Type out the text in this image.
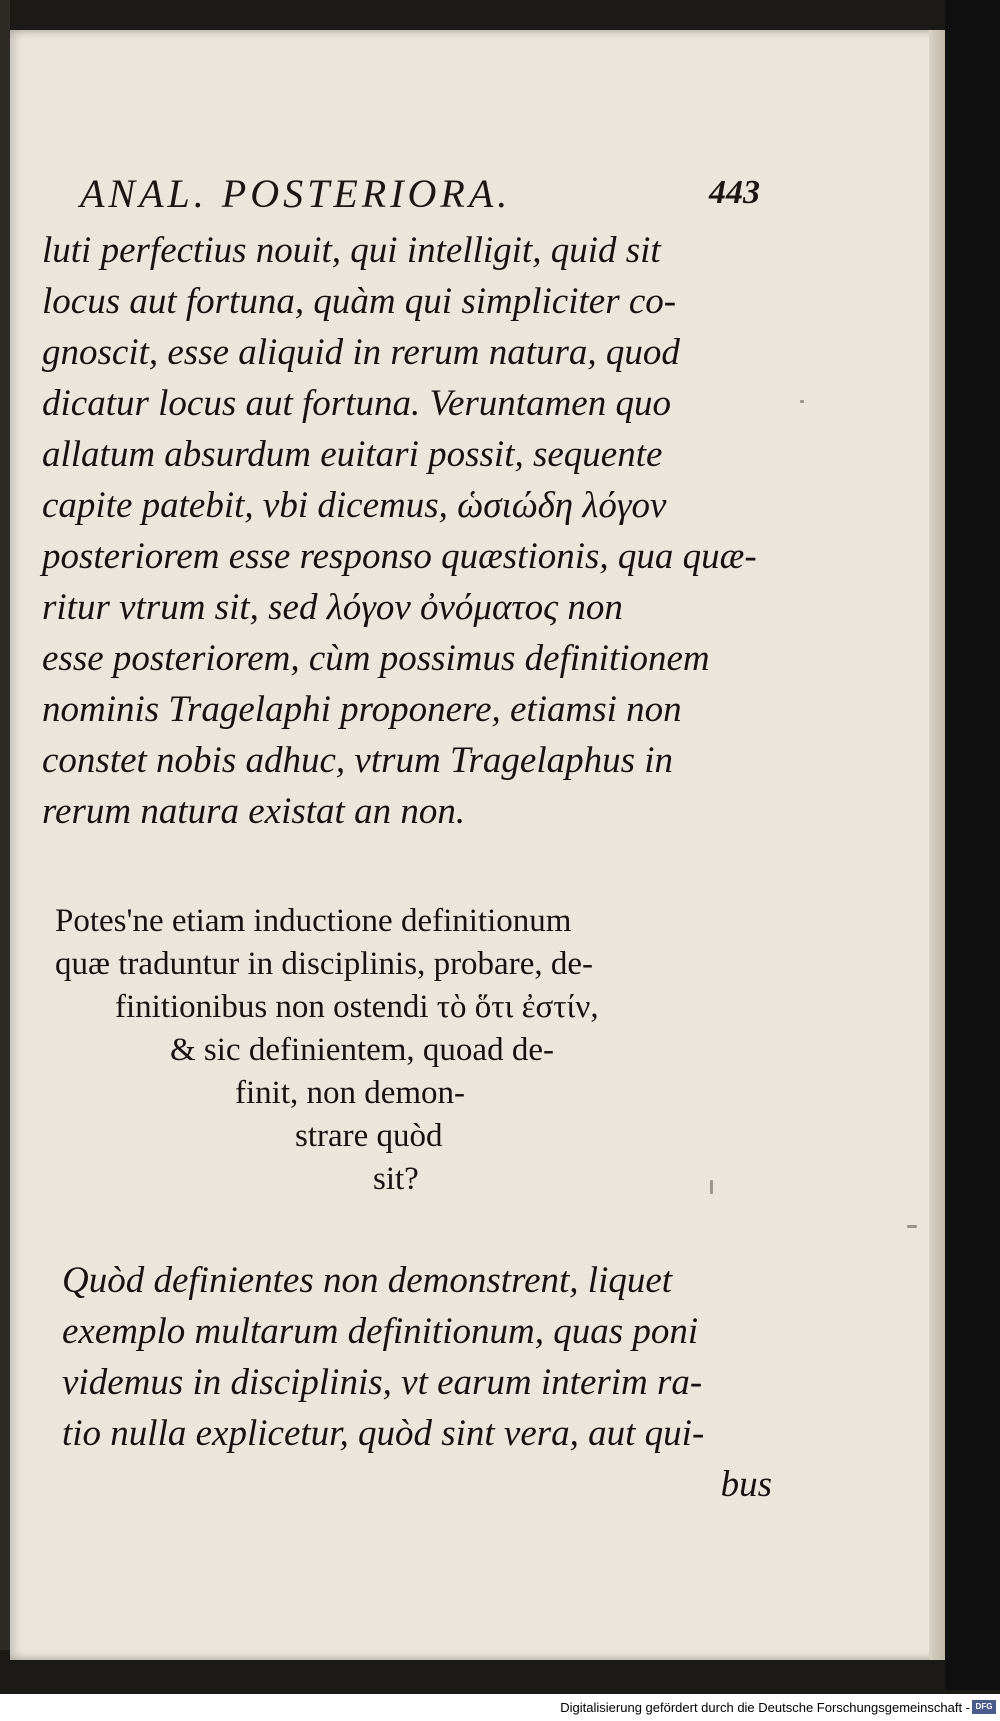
ANAL. POSTERIORA.	443
luti perfectius nouit, qui intelligit, quid sit
locus aut fortuna, quàm qui simpliciter co-
gnoscit, esse aliquid in rerum natura, quod
dicatur locus aut fortuna. Veruntamen quo
allatum absurdum euitari possit, sequente
capite patebit, vbi dicemus, ὡσιώδη λόγον
posteriorem esse responso quæstionis, qua quæ-
ritur vtrum sit, sed λόγον ὀνόματος non
esse posteriorem, cùm possimus definitionem
nominis Tragelaphi proponere, etiamsi non
constet nobis adhuc, vtrum Tragelaphus in
rerum natura existat an non.
Potes'ne etiam inductione definitionum
quæ traduntur in disciplinis, probare, de-
finitionibus non ostendi τὸ ὅτι ἐστίν,
& sic definientem, quoad de-
finit, non demon-
strare quòd
sit?
Quòd definientes non demonstrent, liquet
exemplo multarum definitionum, quas poni
videmus in disciplinis, vt earum interim ra-
tio nulla explicetur, quòd sint vera, aut qui-
bus
Digitalisierung gefördert durch die Deutsche Forschungsgemeinschaft - DFG
